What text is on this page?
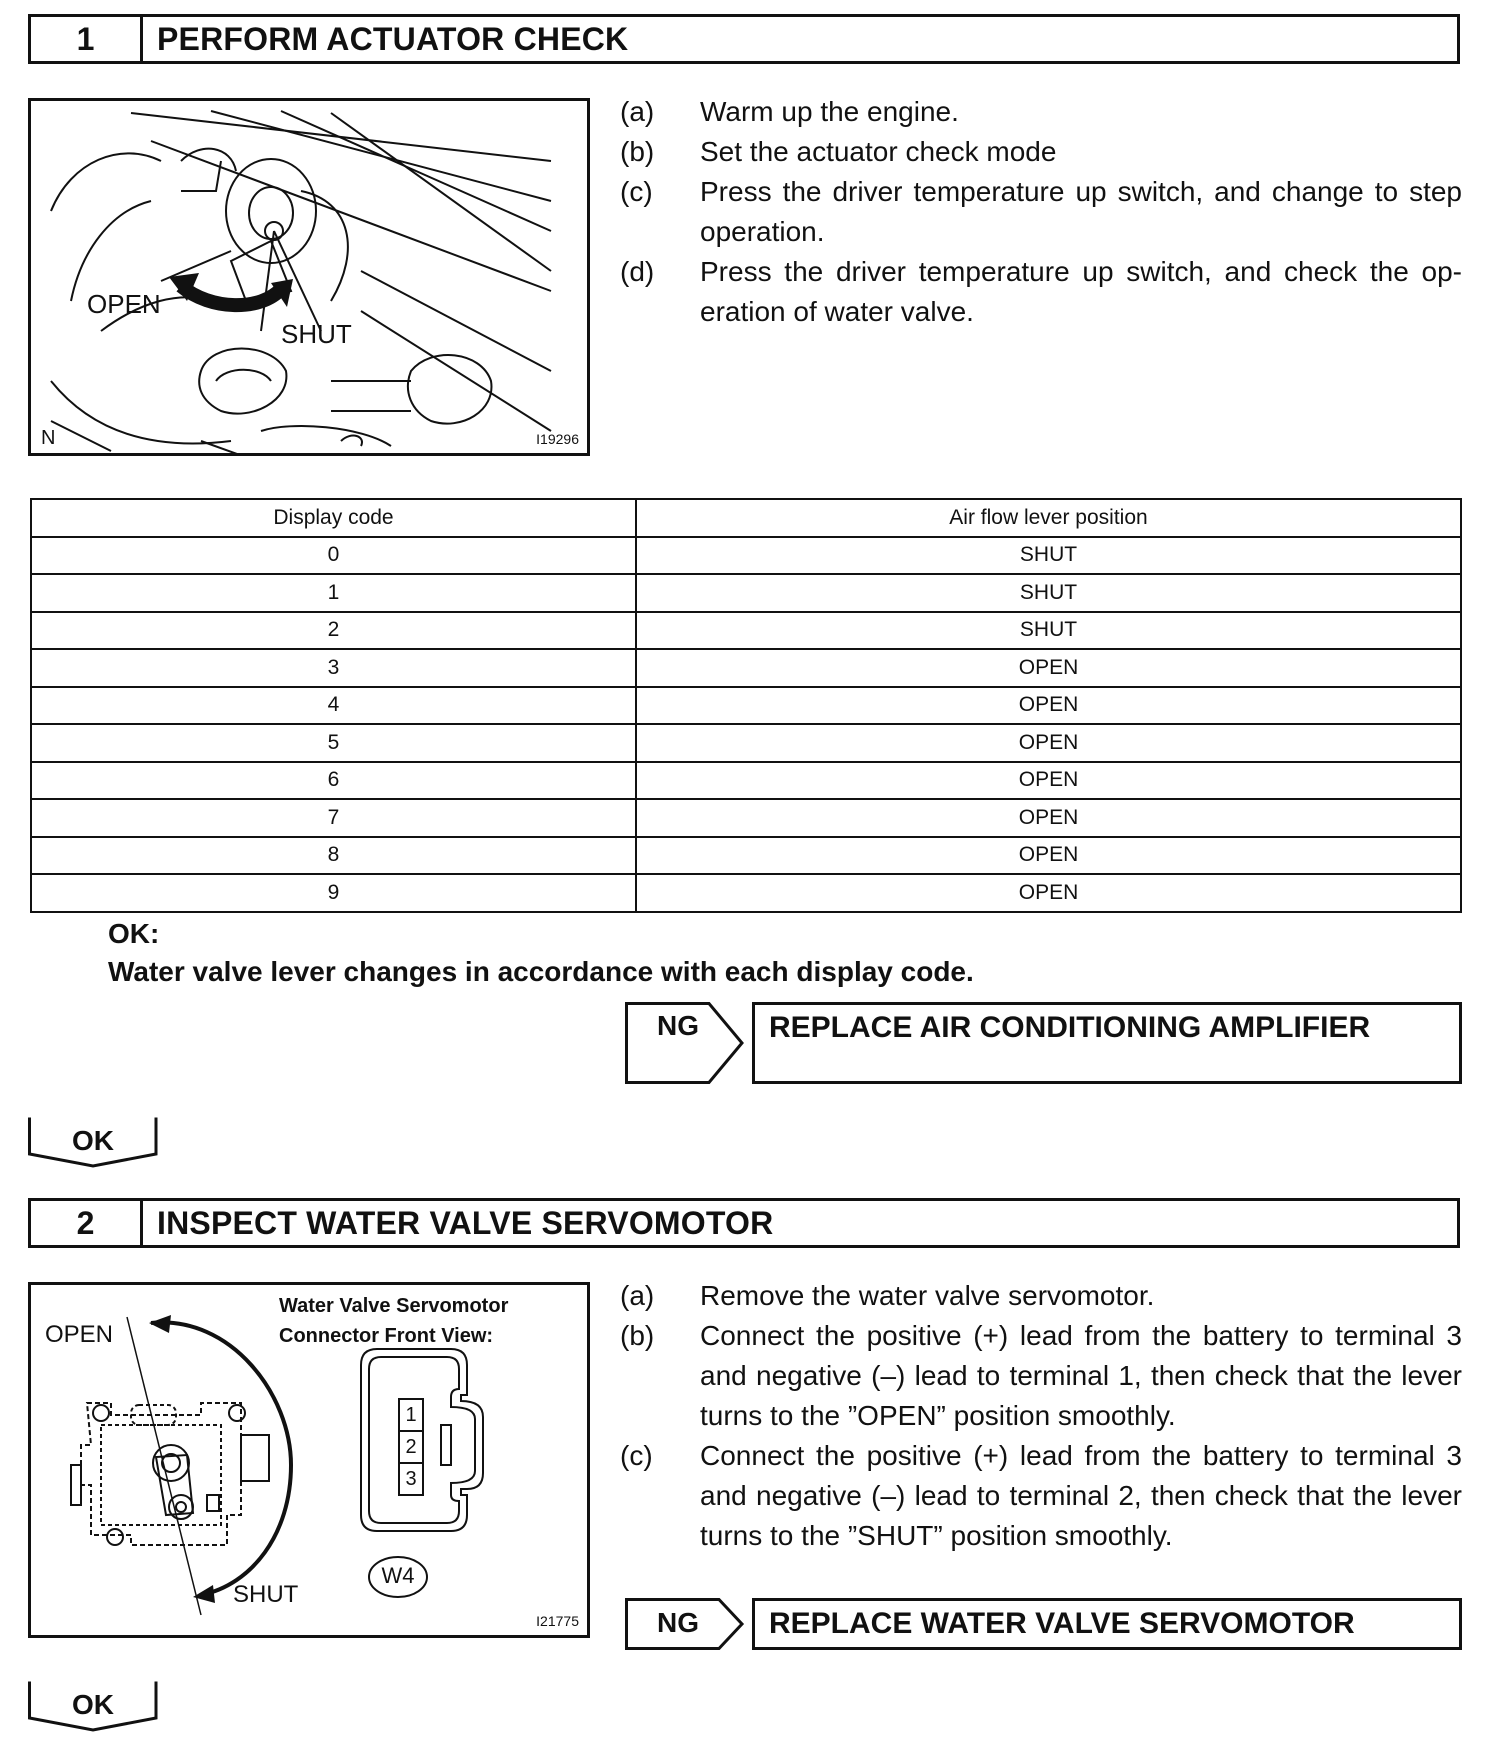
1	PERFORM ACTUATOR CHECK
OPEN
SHUT
N	I19296
(a)	Warm up the engine.
(b)	Set the actuator check mode
(c)	Press the driver temperature up switch, and change to step operation.
(d)	Press the driver temperature up switch, and check the op-eration of water valve.
Display code	Air flow lever position
0	SHUT
1	SHUT
2	SHUT
3	OPEN
4	OPEN
5	OPEN
6	OPEN
7	OPEN
8	OPEN
9	OPEN
OK:
Water valve lever changes in accordance with each display code.
NG	REPLACE AIR CONDITIONING AMPLIFIER
OK
2	INSPECT WATER VALVE SERVOMOTOR
OPEN
SHUT
Water Valve Servomotor
Connector Front View:
1
2
3
W4
I21775
(a)	Remove the water valve servomotor.
(b)	Connect the positive (+) lead from the battery to terminal 3 and negative (–) lead to terminal 1, then check that the lever turns to the ”OPEN” position smoothly.
(c)	Connect the positive (+) lead from the battery to terminal 3 and negative (–) lead to terminal 2, then check that the lever turns to the ”SHUT” position smoothly.
NG	REPLACE WATER VALVE SERVOMOTOR
OK
